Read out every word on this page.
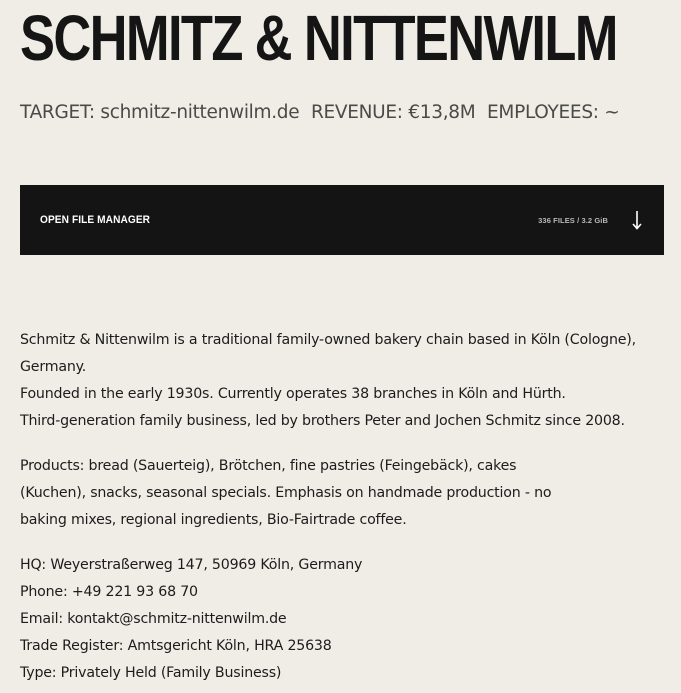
SCHMITZ & NITTENWILM
TARGET: schmitz-nittenwilm.de REVENUE: €13,8M EMPLOYEES: ~
OPEN FILE MANAGER	336 FILES / 3.2 GiB
Schmitz & Nittenwilm is a traditional family-owned bakery chain based in Köln (Cologne), Germany.
Founded in the early 1930s. Currently operates 38 branches in Köln and Hürth.
Third-generation family business, led by brothers Peter and Jochen Schmitz since 2008.
Products: bread (Sauerteig), Brötchen, fine pastries (Feingebäck), cakes (Kuchen), snacks, seasonal specials. Emphasis on handmade production - no baking mixes, regional ingredients, Bio-Fairtrade coffee.
HQ: Weyerstraßerweg 147, 50969 Köln, Germany
Phone: +49 221 93 68 70
Email: kontakt@schmitz-nittenwilm.de
Trade Register: Amtsgericht Köln, HRA 25638
Type: Privately Held (Family Business)
